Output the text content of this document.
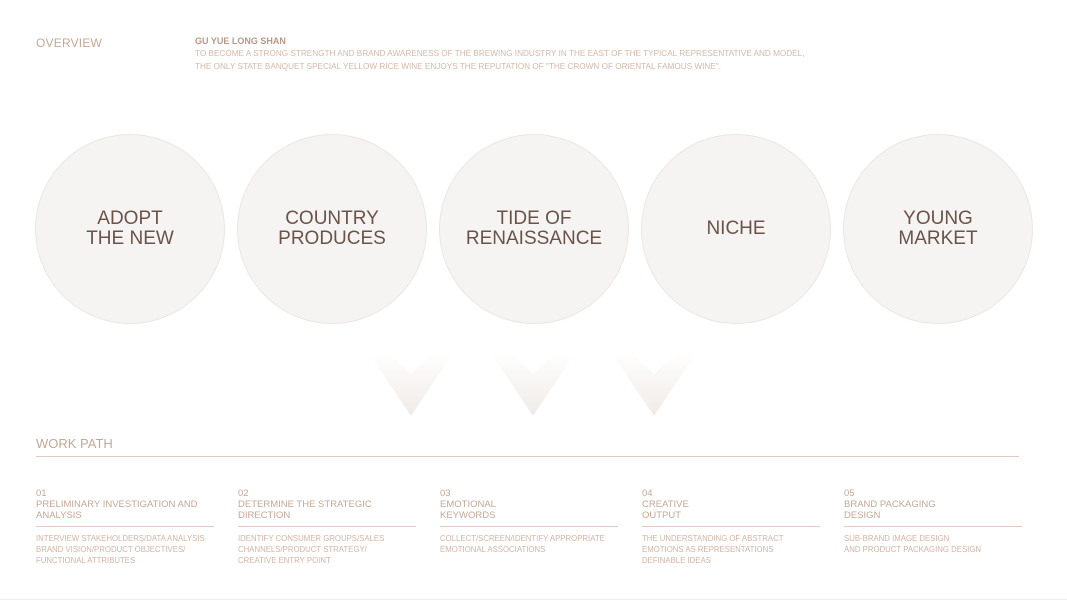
OVERVIEW	GU YUE LONG SHAN
TO BECOME A STRONG STRENGTH AND BRAND AWARENESS OF THE BREWING INDUSTRY IN THE EAST OF THE TYPICAL REPRESENTATIVE AND MODEL,
THE ONLY STATE BANQUET SPECIAL YELLOW RICE WINE ENJOYS THE REPUTATION OF "THE CROWN OF ORIENTAL FAMOUS WINE".
ADOPT
THE NEW
COUNTRY
PRODUCES
TIDE OF
RENAISSANCE	NICHE	YOUNG
MARKET
WORK PATH
01
PRELIMINARY INVESTIGATION AND
ANALYSIS
INTERVIEW STAKEHOLDERS/DATA ANALYSIS
BRAND VISION/PRODUCT OBJECTIVES/
FUNCTIONAL ATTRIBUTES
02
DETERMINE THE STRATEGIC
DIRECTION
IDENTIFY CONSUMER GROUPS/SALES
CHANNELS/PRODUCT STRATEGY/
CREATIVE ENTRY POINT
03
EMOTIONAL
KEYWORDS
COLLECT/SCREEN/IDENTIFY APPROPRIATE
EMOTIONAL ASSOCIATIONS
04
CREATIVE
OUTPUT
THE UNDERSTANDING OF ABSTRACT
EMOTIONS AS REPRESENTATIONS
DEFINABLE IDEAS
05
BRAND PACKAGING
DESIGN
SUB-BRAND IMAGE DESIGN
AND PRODUCT PACKAGING DESIGN
